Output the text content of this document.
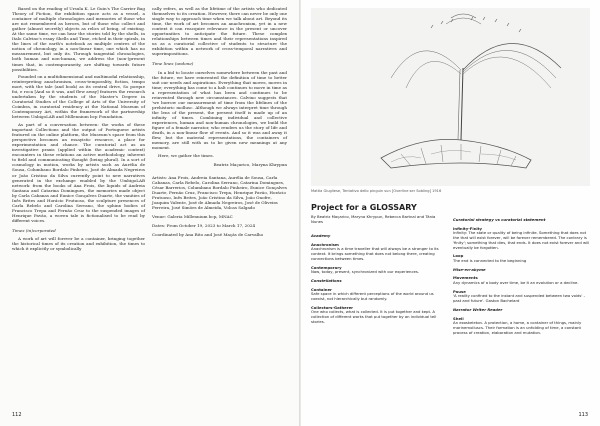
Based on the reading of Ursula K. Le Guin's The Carrier Bag Theory of Fiction, the exhibition space acts as a vessel, a container of multiple chronologies and memories of those who are not remembered as heroes, but of those who collect and gather (almost secretly) objects as relics of being, of existing. At the same time, we can hear the stories told by the shells, in Italo Calvino's essay Shells and Time, etched in their spirals, in the lines of the earth's notebook as multiple centres of the notion of chronology, in a non-linear time, one which has no measurement, but only its. Through tangential chronologies, both human and non-human, we address the (non-)present times that, in contemporaneity, are shifting towards future possibilities.

Founded on a multidimensional and multimodal relationship, reinterpreting anachronism, cross-temporality, fiction, tempo mort, with the tale (and book) as its central drive, So porque foi, e roca [And so it was, and flew away] features the research undertaken by the students of the Master's Degree in Curatorial Studies of the College of Arts of the University of Coimbra, in curatorial residency at the National Museum of Contemporary Art, within the framework of the partnership between UnbigoLAB and Millennium bcp Foundation.

As part of a conversation between: the works of these important Collections and the output of Portuguese artists featured on the online platform, the Museum's space from this perspective becomes an essayistic resource, a place for experimentation and chance. The curatorial act as an investigative praxis (applied within the academic context) encounters in these relations an active methodology, inherent to field and communicating thought (being plural). In a sort of cosmology in motion, works by artists such as Aurélia de Sousa, Columbano Bordalo Pinheiro, José de Almada Negreiros or João Cristino da Silva currently point to new narratives generated in the exchange enabled by the UmbigoLAB network: from the books of Ana Frois, the liquids of Andreia Santana and Catarina Domingues, the memories made object by Carla Cabanas and Eunice Gonçalves Duarte, the vanities of Inês Brites and Horácio Frutuoso, the sculpture presences of Carla Rebelo and Carolina Serrano, the sphinx bodies of Francisco Trepa and Fernão Cruz to the suspended images of Henrique Pavão, a woven tale is fictionalised to be read by different voices.

Times (in)corporated

A work of art will forever be a container, bringing together the historical times of its creation and exhibition, the times to which it explicitly or symbolically

cally refers, as well as the lifetime of the artists who dedicated themselves to its creation. However, there can never be only one single way to approach time when we talk about art. Beyond its time, the work of art becomes an anachronism, yet in a new context it can reacquire relevance in the present or uncover opportunities to anticipate the future. These complex relationships between times and their representations inspired us as a curatorial collective of students to structure the exhibition within a network of cross-temporal narratives and superimpositions.

Time lines (undone)

In a bid to locate ourselves somewhere between the past and the future, we have reinvented the definition of time to better suit our needs and aspirations. Everything that moves, moves in time; everything has come to a halt continues to move in time as a representation of what has been and continues to be reinvented through new circumstances. Calvino suggests that 'we borrow our measurement of time from the lifelines of the prehistoric mollusc. Although we always interpret time through the lens of the present, the present itself is made up of an infinity of times. Combining individual and collective experiences, human and non-human chronologies, we build the figure of a female narrator, who renders us the story of life and death, in a non-linear flow of events. And so it was and away it flew, but the material representations, the containers of memory, are still with us to be given new meanings at any moment.

Here, we gather the times.

Beatriz Maçarico, Maryna Khrypun

Artists: Ana Frois, Andreia Santana, Aurélia de Sousa, Carla Cabanas, Carla Rebelo, Carolina Serrano, Catarina Domingues, César Barrerios, Columbano Bordalo Pinheiro, Eunice Gonçalves Duarte, Fernão Cruz, Francisco Trepa, Henrique Pavão, Horácio Frutuoso, Inês Brites, João Cristino da Silva, João Onofre, Joaquim Valente, José de Almada Negreiros, José de Oliveira Ferreira, José Simões de Almeida, Volcas Salgado

Venue: Galeria Millennium bcp, MNAC

Dates: From October 19, 2023 to March 17, 2024

Coordinated by Ana Rito and José Maçãs de Carvalho

112
Mattia Giugliese, Tentativo dello pinguin sun [Overline ser Sobling] 1916
Project for a GLOSSARY
By Beatriz Maçarico, Maryna Khrypun, Rebecca Bartnal and Tânia Nunes
Academy
Anachronism
Anachronism is a time traveller that will always be a stranger to its context. It brings something that does not belong there, creating connections between times.
Contemporary
Now, today, present, synchronized with our experiences.
Constellations
Container
Safe space in which different perceptions of the world around us coexist, not hierarchically but randomly.
Collectors-Gatherer
One who collects, what is collected. It is put together and kept. A collection of different works that put together by an individual tell stories.
Curatorial strategy vs curatorial statement
Infinity-Finity
Infinity: The state or quality of being infinite. Something that does not the that will exist forever, will be forever remembered. The contrary is 'finity'; something that dies, that ends. It does not exist forever and will eventually be forgotten.
Loop
The end is connected to the beginning
Mise-en-abyme
Movements
Any dynamics of a body over time, be it an evolution or a decline.
Pause
'A reality confined to the instant and suspended between two voids' - past and future'. Gaston Bachelard
Narrator Writer Reader
Shell
An exoskeleton. A protection, a home, a container of things, mainly marinemolluscs. Their formation is an unfolding of time, a constant process of creation, elaboration and mutation.
113
